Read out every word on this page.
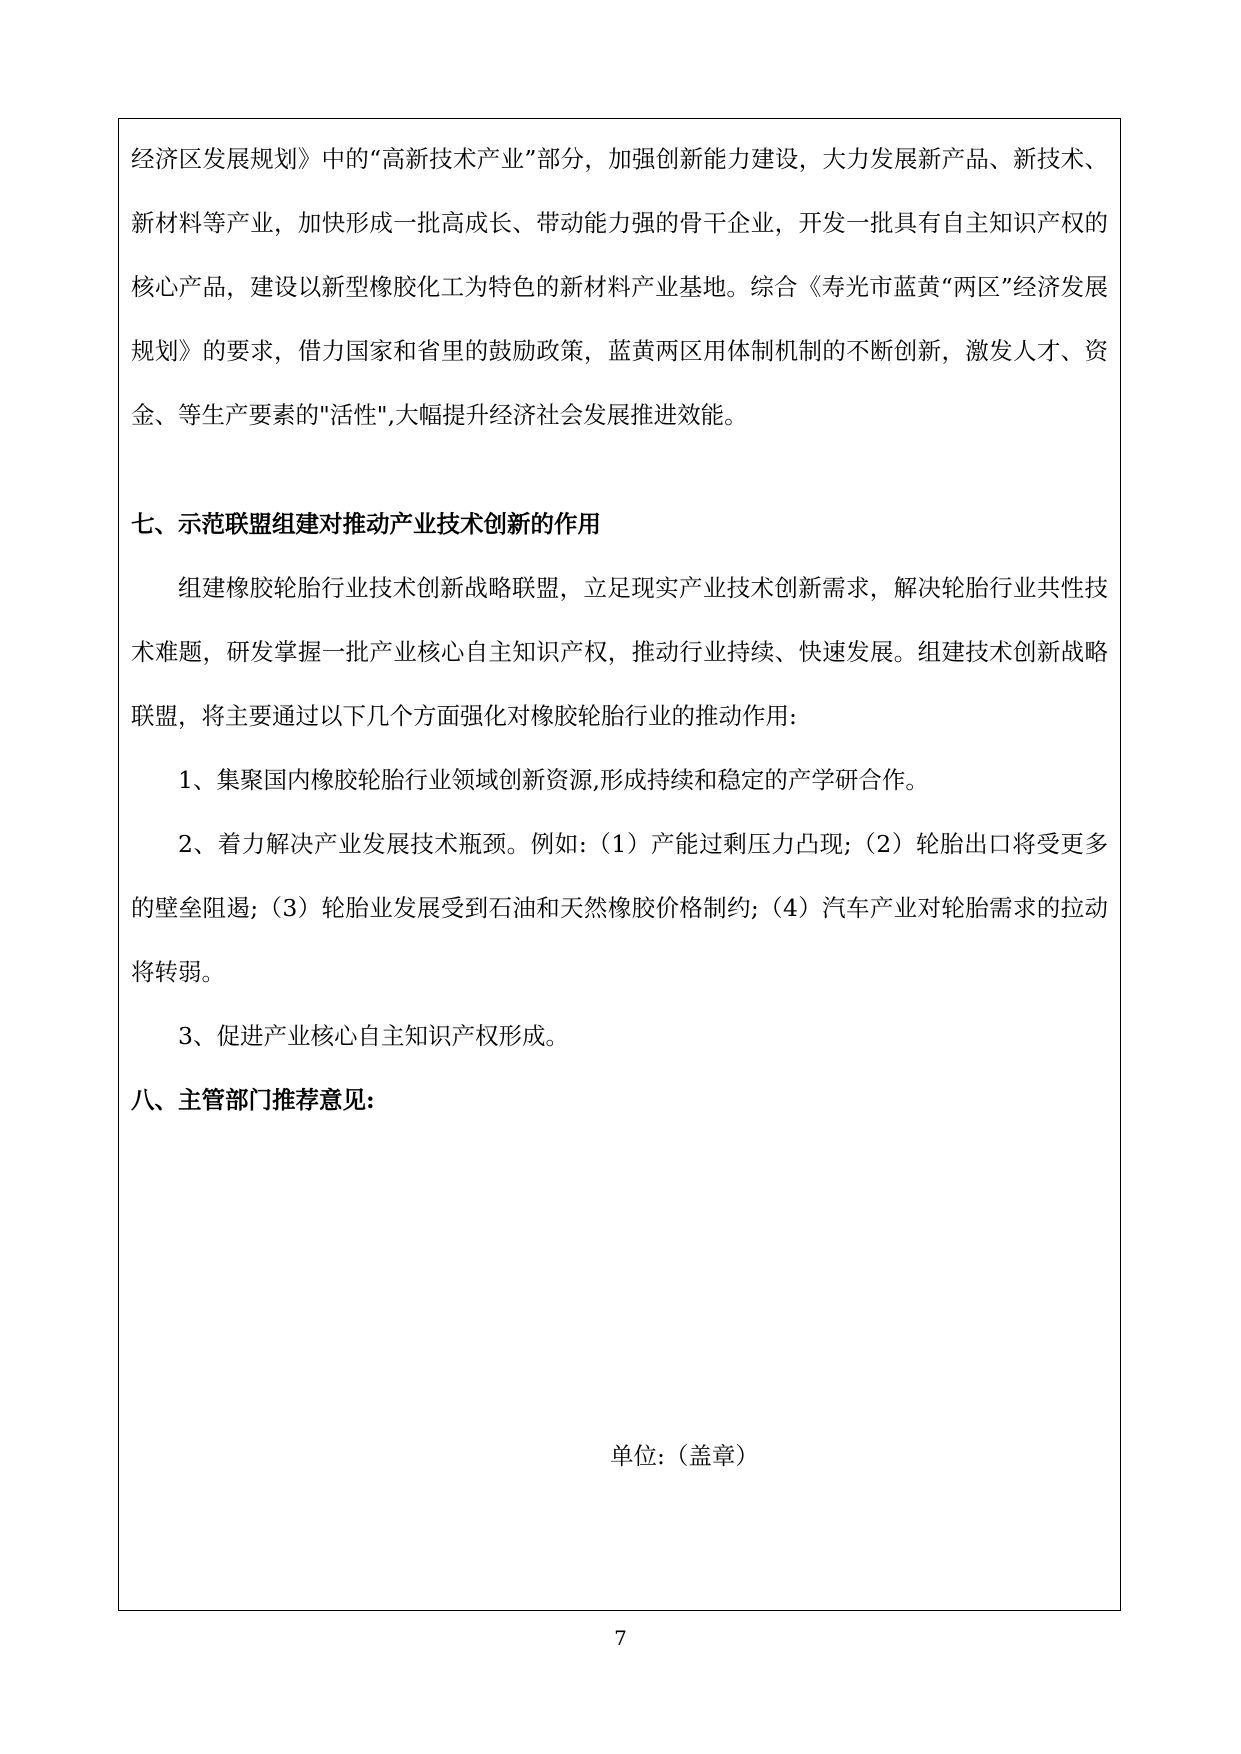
经济区发展规划》中的“高新技术产业”部分，加强创新能力建设，大力发展新产品、新技术、新材料等产业，加快形成一批高成长、带动能力强的骨干企业，开发一批具有自主知识产权的核心产品，建设以新型橡胶化工为特色的新材料产业基地。综合《寿光市蓝黄“两区”经济发展规划》的要求，借力国家和省里的鼓励政策，蓝黄两区用体制机制的不断创新，激发人才、资金、等生产要素的"活性",大幅提升经济社会发展推进效能。

七、示范联盟组建对推动产业技术创新的作用

组建橡胶轮胎行业技术创新战略联盟，立足现实产业技术创新需求，解决轮胎行业共性技术难题，研发掌握一批产业核心自主知识产权，推动行业持续、快速发展。组建技术创新战略联盟，将主要通过以下几个方面强化对橡胶轮胎行业的推动作用:

1、集聚国内橡胶轮胎行业领域创新资源,形成持续和稳定的产学研合作。

2、着力解决产业发展技术瓶颈。例如:（1）产能过剩压力凸现;（2）轮胎出口将受更多的壁垒阻遏;（3）轮胎业发展受到石油和天然橡胶价格制约;（4）汽车产业对轮胎需求的拉动将转弱。

3、促进产业核心自主知识产权形成。

八、主管部门推荐意见:

单位:（盖章）
7
